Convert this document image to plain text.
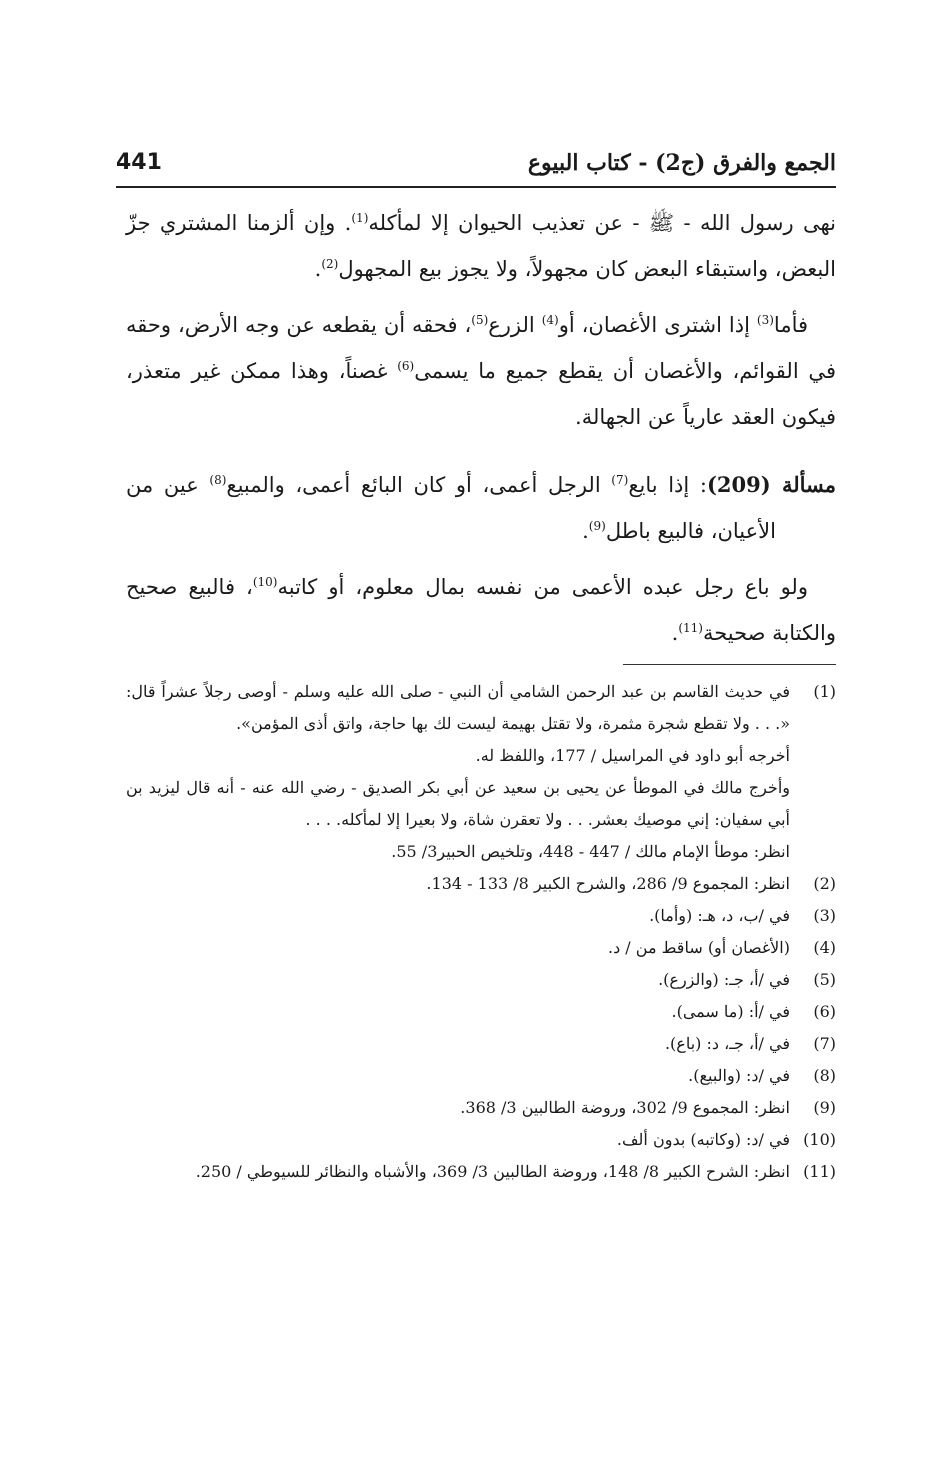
الجمع والفرق (ج2) - كتاب البيوع
441

نهى رسول الله - ﷺ - عن تعذيب الحيوان إلا لمأكله$^{(1)}$. وإن ألزمنا المشتري جزّ البعض، واستبقاء البعض كان مجهولاً، ولا يجوز بيع المجهول$^{(2)}$.

فأما$^{(3)}$ إذا اشترى الأغصان، أو$^{(4)}$ الزرع$^{(5)}$، فحقه أن يقطعه عن وجه الأرض، وحقه في القوائم، والأغصان أن يقطع جميع ما يسمى$^{(6)}$ غصناً، وهذا ممكن غير متعذر، فيكون العقد عارياً عن الجهالة.

مسألة (209): إذا بايع$^{(7)}$ الرجل أعمى، أو كان البائع أعمى، والمبيع$^{(8)}$ عين من الأعيان، فالبيع باطل$^{(9)}$.

ولو باع رجل عبده الأعمى من نفسه بمال معلوم، أو كاتبه$^{(10)}$، فالبيع صحيح والكتابة صحيحة$^{(11)}$.

(1)
في حديث القاسم بن عبد الرحمن الشامي أن النبي - صلى الله عليه وسلم - أوصى رجلاً عشراً قال: «. . . ولا تقطع شجرة مثمرة، ولا تقتل بهيمة ليست لك بها حاجة، واتق أذى المؤمن».
أخرجه أبو داود في المراسيل / 177، واللفظ له.
وأخرج مالك في الموطأ عن يحيى بن سعيد عن أبي بكر الصديق - رضي الله عنه - أنه قال ليزيد بن أبي سفيان: إني موصيك بعشر. . . ولا تعقرن شاة، ولا بعيرا إلا لمأكله. . . .
انظر: موطأ الإمام مالك / 447 - 448، وتلخيص الحبير3/ 55.
(2)
انظر: المجموع 9/ 286، والشرح الكبير 8/ 133 - 134.
(3)
في /ب، د، هـ: (وأما).
(4)
(الأغصان أو) ساقط من / د.
(5)
في /أ، جـ: (والزرع).
(6)
في /أ: (ما سمى).
(7)
في /أ، جـ، د: (باع).
(8)
في /د: (والبيع).
(9)
انظر: المجموع 9/ 302، وروضة الطالبين 3/ 368.
(10)
في /د: (وكاتبه) بدون ألف.
(11)
انظر: الشرح الكبير 8/ 148، وروضة الطالبين 3/ 369، والأشباه والنظائر للسيوطي / 250.
